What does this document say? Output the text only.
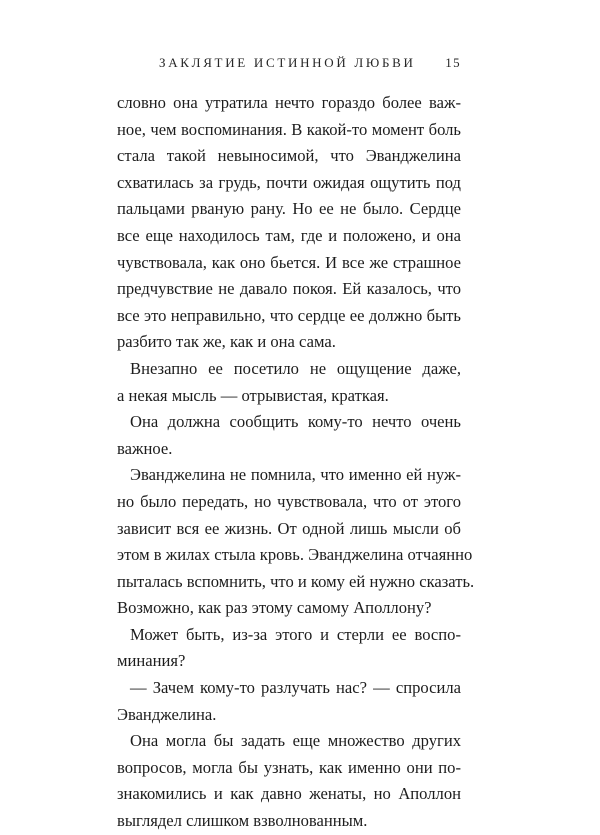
ЗАКЛЯТИЕ ИСТИННОЙ ЛЮБВИ 15

словно она утратила нечто гораздо более важ-
ное, чем воспоминания. В какой-то момент боль
стала такой невыносимой, что Эванджелина
схватилась за грудь, почти ожидая ощутить под
пальцами рваную рану. Но ее не было. Сердце
все еще находилось там, где и положено, и она
чувствовала, как оно бьется. И все же страшное
предчувствие не давало покоя. Ей казалось, что
все это неправильно, что сердце ее должно быть
разбито так же, как и она сама.

Внезапно ее посетило не ощущение даже,
а некая мысль — отрывистая, краткая.

Она должна сообщить кому-то нечто очень
важное.

Эванджелина не помнила, что именно ей нуж-
но было передать, но чувствовала, что от этого
зависит вся ее жизнь. От одной лишь мысли об
этом в жилах стыла кровь. Эванджелина отчаянно
пыталась вспомнить, что и кому ей нужно сказать.
Возможно, как раз этому самому Аполлону?

Может быть, из-за этого и стерли ее воспо-
минания?

— Зачем кому-то разлучать нас? — спросила
Эванджелина.

Она могла бы задать еще множество других
вопросов, могла бы узнать, как именно они по-
знакомились и как давно женаты, но Аполлон
выглядел слишком взволнованным.
